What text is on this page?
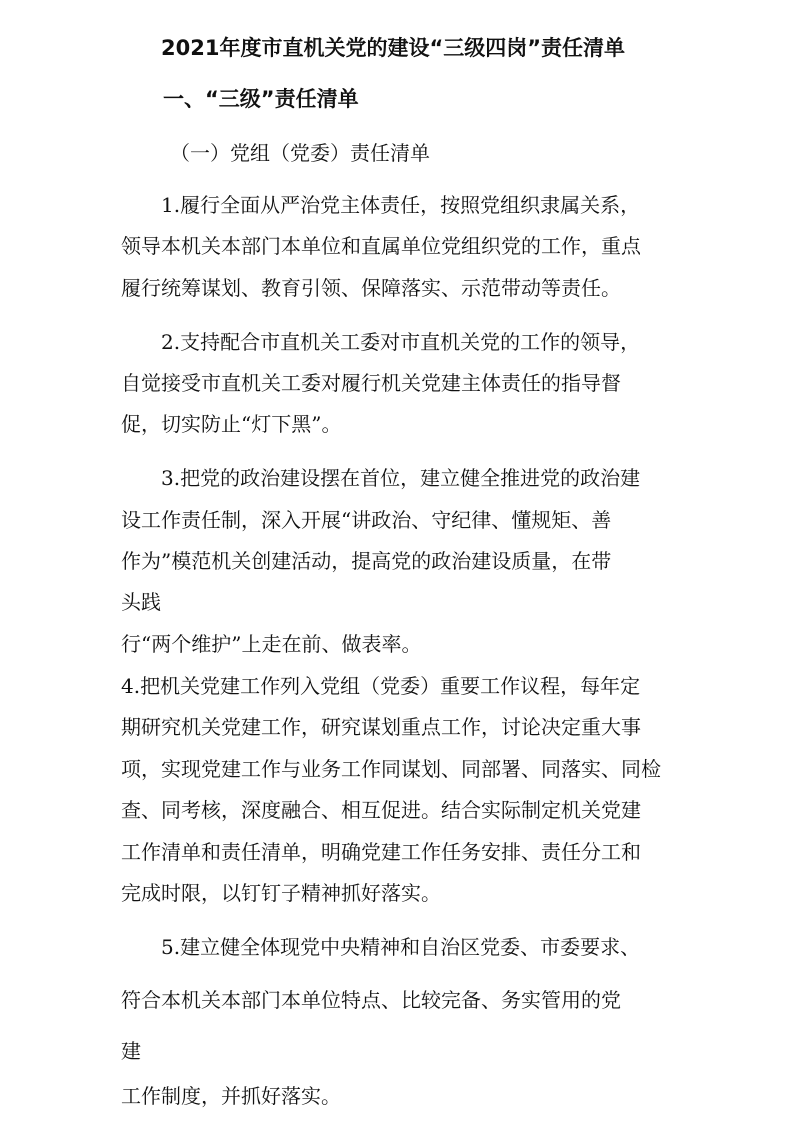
2021年度市直机关党的建设“三级四岗”责任清单
一、“三级”责任清单
（一）党组（党委）责任清单
1.履行全面从严治党主体责任，按照党组织隶属关系，
领导本机关本部门本单位和直属单位党组织党的工作，重点
履行统筹谋划、教育引领、保障落实、示范带动等责任。
2.支持配合市直机关工委对市直机关党的工作的领导，
自觉接受市直机关工委对履行机关党建主体责任的指导督
促，切实防止“灯下黑”。
3.把党的政治建设摆在首位，建立健全推进党的政治建
设工作责任制，深入开展“讲政治、守纪律、懂规矩、善
作为”模范机关创建活动，提高党的政治建设质量，在带
头践
行“两个维护”上走在前、做表率。
4.把机关党建工作列入党组（党委）重要工作议程，每年定
期研究机关党建工作，研究谋划重点工作，讨论决定重大事
项，实现党建工作与业务工作同谋划、同部署、同落实、同检
查、同考核，深度融合、相互促进。结合实际制定机关党建
工作清单和责任清单，明确党建工作任务安排、责任分工和
完成时限，以钉钉子精神抓好落实。
5.建立健全体现党中央精神和自治区党委、市委要求、
符合本机关本部门本单位特点、比较完备、务实管用的党
建
工作制度，并抓好落实。
